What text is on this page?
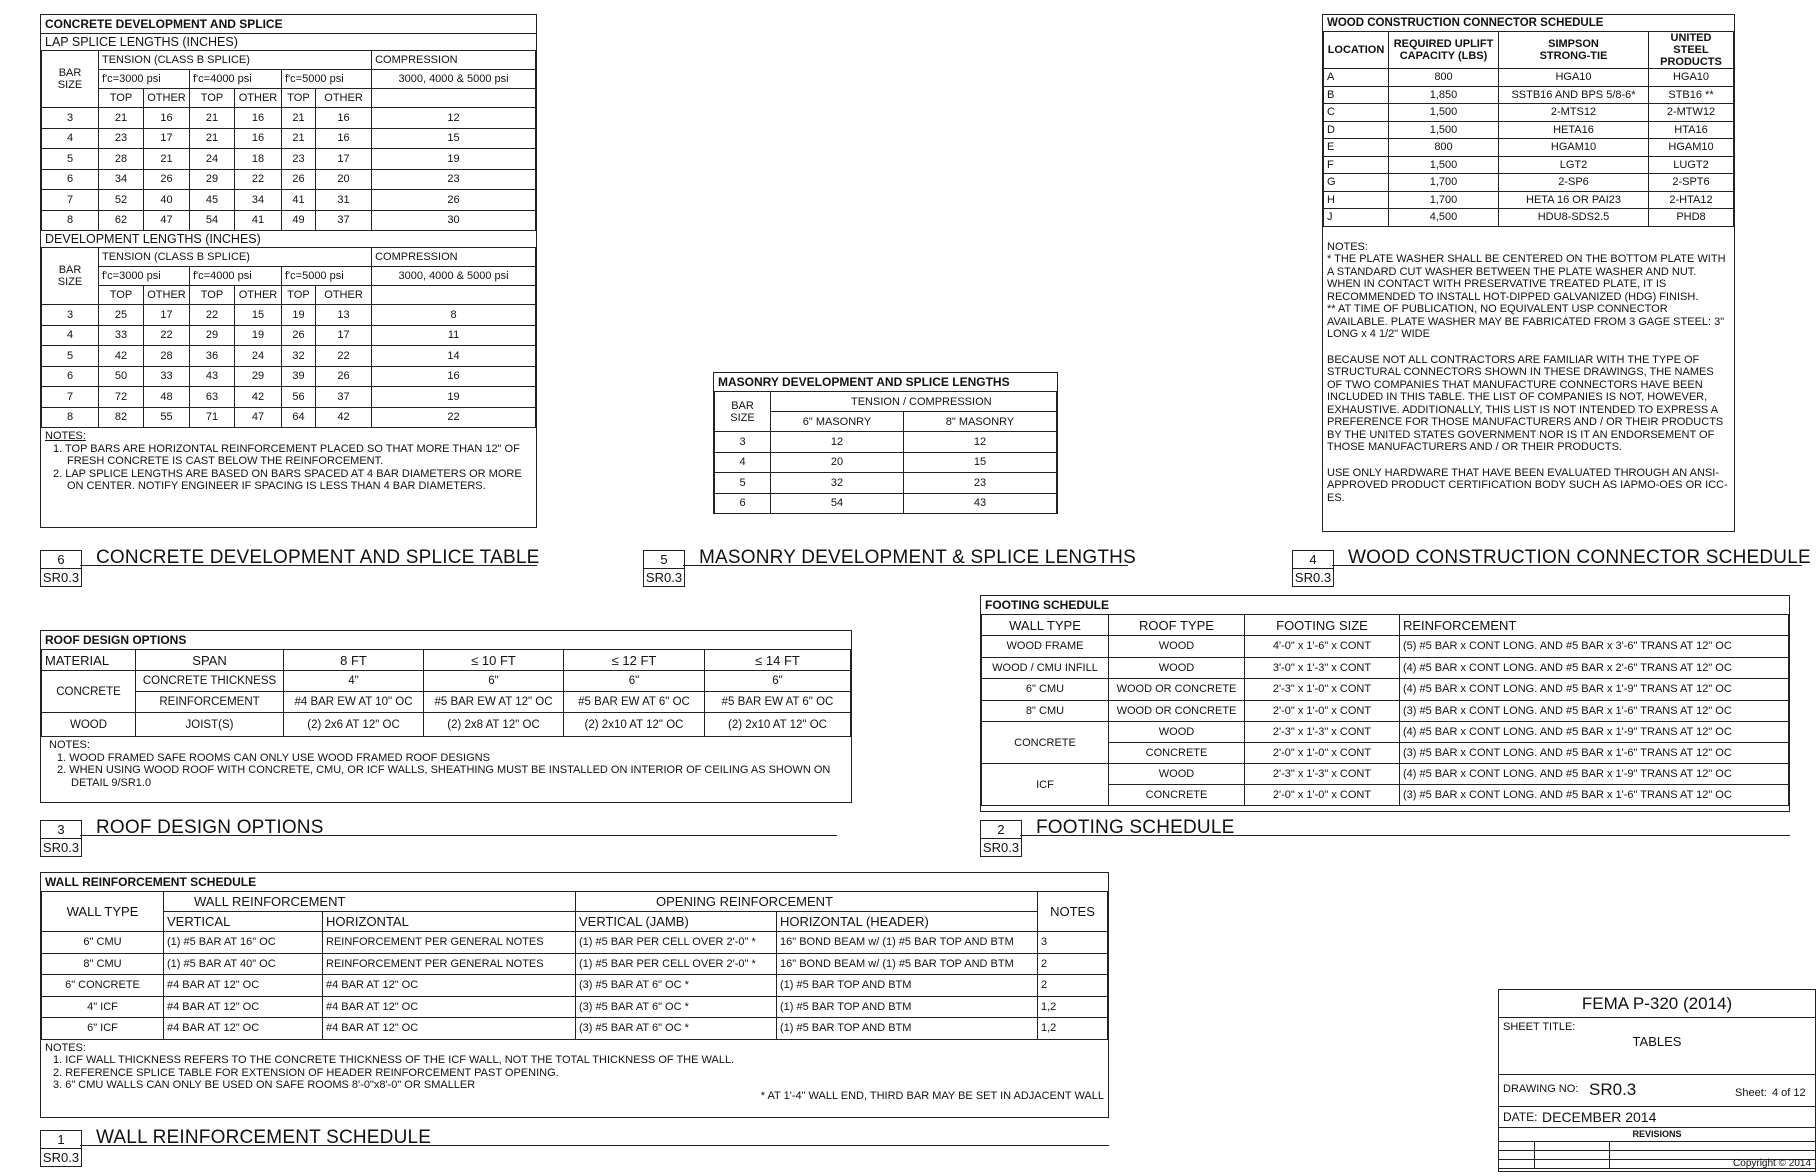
CONCRETE DEVELOPMENT AND SPLICE
LAP SPLICE LENGTHS (INCHES)
BAR SIZE	TENSION (CLASS B SPLICE)						COMPRESSION
	f'c=3000 psi		f'c=4000 psi		f'c=5000 psi		3000, 4000 & 5000 psi
	TOP	OTHER	TOP	OTHER	TOP	OTHER	
3	21	16	21	16	21	16	12
4	23	17	21	16	21	16	15
5	28	21	24	18	23	17	19
6	34	26	29	22	26	20	23
7	52	40	45	34	41	31	26
8	62	47	54	41	49	37	30
DEVELOPMENT LENGTHS (INCHES)
BAR SIZE	TENSION (CLASS B SPLICE)						COMPRESSION
	f'c=3000 psi		f'c=4000 psi		f'c=5000 psi		3000, 4000 & 5000 psi
	TOP	OTHER	TOP	OTHER	TOP	OTHER	
3	25	17	22	15	19	13	8
4	33	22	29	19	26	17	11
5	42	28	36	24	32	22	14
6	50	33	43	29	39	26	16
7	72	48	63	42	56	37	19
8	82	55	71	47	64	42	22
NOTES:
1. TOP BARS ARE HORIZONTAL REINFORCEMENT PLACED SO THAT MORE THAN 12" OF FRESH CONCRETE IS CAST BELOW THE REINFORCEMENT.
2. LAP SPLICE LENGTHS ARE BASED ON BARS SPACED AT 4 BAR DIAMETERS OR MORE ON CENTER. NOTIFY ENGINEER IF SPACING IS LESS THAN 4 BAR DIAMETERS.
6
SR0.3
CONCRETE DEVELOPMENT AND SPLICE TABLE
MASONRY DEVELOPMENT AND SPLICE LENGTHS
BAR SIZE	TENSION / COMPRESSION	
	6" MASONRY	8" MASONRY
3	12	12
4	20	15
5	32	23
6	54	43
5
SR0.3
MASONRY DEVELOPMENT & SPLICE LENGTHS
WOOD CONSTRUCTION CONNECTOR SCHEDULE
LOCATION	REQUIRED UPLIFT CAPACITY (LBS)	SIMPSON STRONG-TIE	UNITED STEEL PRODUCTS
A	800	HGA10	HGA10
B	1,850	SSTB16 AND BPS 5/8-6*	STB16 **
C	1,500	2-MTS12	2-MTW12
D	1,500	HETA16	HTA16
E	800	HGAM10	HGAM10
F	1,500	LGT2	LUGT2
G	1,700	2-SP6	2-SPT6
H	1,700	HETA 16 OR PAI23	2-HTA12
J	4,500	HDU8-SDS2.5	PHD8
NOTES:
* THE PLATE WASHER SHALL BE CENTERED ON THE BOTTOM PLATE WITH A STANDARD CUT WASHER BETWEEN THE PLATE WASHER AND NUT. WHEN IN CONTACT WITH PRESERVATIVE TREATED PLATE, IT IS RECOMMENDED TO INSTALL HOT-DIPPED GALVANIZED (HDG) FINISH.
** AT TIME OF PUBLICATION, NO EQUIVALENT USP CONNECTOR AVAILABLE. PLATE WASHER MAY BE FABRICATED FROM 3 GAGE STEEL: 3" LONG x 4 1/2" WIDE
BECAUSE NOT ALL CONTRACTORS ARE FAMILIAR WITH THE TYPE OF STRUCTURAL CONNECTORS SHOWN IN THESE DRAWINGS, THE NAMES OF TWO COMPANIES THAT MANUFACTURE CONNECTORS HAVE BEEN INCLUDED IN THIS TABLE. THE LIST OF COMPANIES IS NOT, HOWEVER, EXHAUSTIVE. ADDITIONALLY, THIS LIST IS NOT INTENDED TO EXPRESS A PREFERENCE FOR THOSE MANUFACTURERS AND / OR THEIR PRODUCTS BY THE UNITED STATES GOVERNMENT NOR IS IT AN ENDORSEMENT OF THOSE MANUFACTURERS AND / OR THEIR PRODUCTS.
USE ONLY HARDWARE THAT HAVE BEEN EVALUATED THROUGH AN ANSI-APPROVED PRODUCT CERTIFICATION BODY SUCH AS IAPMO-OES OR ICC-ES.
4
SR0.3
WOOD CONSTRUCTION CONNECTOR SCHEDULE
ROOF DESIGN OPTIONS
MATERIAL	SPAN	8 FT	≤ 10 FT	≤ 12 FT	≤ 14 FT
CONCRETE	CONCRETE THICKNESS	4"	6"	6"	6"
	REINFORCEMENT	#4 BAR EW AT 10" OC	#5 BAR EW AT 12" OC	#5 BAR EW AT 6" OC	#5 BAR EW AT 6" OC
WOOD	JOIST(S)	(2) 2x6 AT 12" OC	(2) 2x8 AT 12" OC	(2) 2x10 AT 12" OC	(2) 2x10 AT 12" OC
NOTES:
1. WOOD FRAMED SAFE ROOMS CAN ONLY USE WOOD FRAMED ROOF DESIGNS
2. WHEN USING WOOD ROOF WITH CONCRETE, CMU, OR ICF WALLS, SHEATHING MUST BE INSTALLED ON INTERIOR OF CEILING AS SHOWN ON DETAIL 9/SR1.0
3
SR0.3
ROOF DESIGN OPTIONS
FOOTING SCHEDULE
WALL TYPE	ROOF TYPE	FOOTING SIZE	REINFORCEMENT
WOOD FRAME	WOOD	4'-0" x 1'-6" x CONT	(5) #5 BAR x CONT LONG. AND #5 BAR x 3'-6" TRANS AT 12" OC
WOOD / CMU INFILL	WOOD	3'-0" x 1'-3" x CONT	(4) #5 BAR x CONT LONG. AND #5 BAR x 2'-6" TRANS AT 12" OC
6" CMU	WOOD OR CONCRETE	2'-3" x 1'-0" x CONT	(4) #5 BAR x CONT LONG. AND #5 BAR x 1'-9" TRANS AT 12" OC
8" CMU	WOOD OR CONCRETE	2'-0" x 1'-0" x CONT	(3) #5 BAR x CONT LONG. AND #5 BAR x 1'-6" TRANS AT 12" OC
CONCRETE	WOOD	2'-3" x 1'-3" x CONT	(4) #5 BAR x CONT LONG. AND #5 BAR x 1'-9" TRANS AT 12" OC
	CONCRETE	2'-0" x 1'-0" x CONT	(3) #5 BAR x CONT LONG. AND #5 BAR x 1'-6" TRANS AT 12" OC
ICF	WOOD	2'-3" x 1'-3" x CONT	(4) #5 BAR x CONT LONG. AND #5 BAR x 1'-9" TRANS AT 12" OC
	CONCRETE	2'-0" x 1'-0" x CONT	(3) #5 BAR x CONT LONG. AND #5 BAR x 1'-6" TRANS AT 12" OC
2
SR0.3
FOOTING SCHEDULE
WALL REINFORCEMENT SCHEDULE
WALL TYPE	WALL REINFORCEMENT		OPENING REINFORCEMENT		NOTES
	VERTICAL	HORIZONTAL	VERTICAL (JAMB)	HORIZONTAL (HEADER)	
6" CMU	(1) #5 BAR AT 16" OC	REINFORCEMENT PER GENERAL NOTES	(1) #5 BAR PER CELL OVER 2'-0" *	16" BOND BEAM w/ (1) #5 BAR TOP AND BTM	3
8" CMU	(1) #5 BAR AT 40" OC	REINFORCEMENT PER GENERAL NOTES	(1) #5 BAR PER CELL OVER 2'-0" *	16" BOND BEAM w/ (1) #5 BAR TOP AND BTM	2
6" CONCRETE	#4 BAR AT 12" OC	#4 BAR AT 12" OC	(3) #5 BAR AT 6" OC *	(1) #5 BAR TOP AND BTM	2
4" ICF	#4 BAR AT 12" OC	#4 BAR AT 12" OC	(3) #5 BAR AT 6" OC *	(1) #5 BAR TOP AND BTM	1,2
6" ICF	#4 BAR AT 12" OC	#4 BAR AT 12" OC	(3) #5 BAR AT 6" OC *	(1) #5 BAR TOP AND BTM	1,2
NOTES:
1. ICF WALL THICKNESS REFERS TO THE CONCRETE THICKNESS OF THE ICF WALL, NOT THE TOTAL THICKNESS OF THE WALL.
2. REFERENCE SPLICE TABLE FOR EXTENSION OF HEADER REINFORCEMENT PAST OPENING.
3. 6" CMU WALLS CAN ONLY BE USED ON SAFE ROOMS 8'-0"x8'-0" OR SMALLER
* AT 1'-4" WALL END, THIRD BAR MAY BE SET IN ADJACENT WALL
1
SR0.3
WALL REINFORCEMENT SCHEDULE
FEMA P-320 (2014)
SHEET TITLE:
TABLES
DRAWING NO: SR0.3	Sheet: 4 of 12
DATE: DECEMBER 2014
REVISIONS

Copyright © 2014
